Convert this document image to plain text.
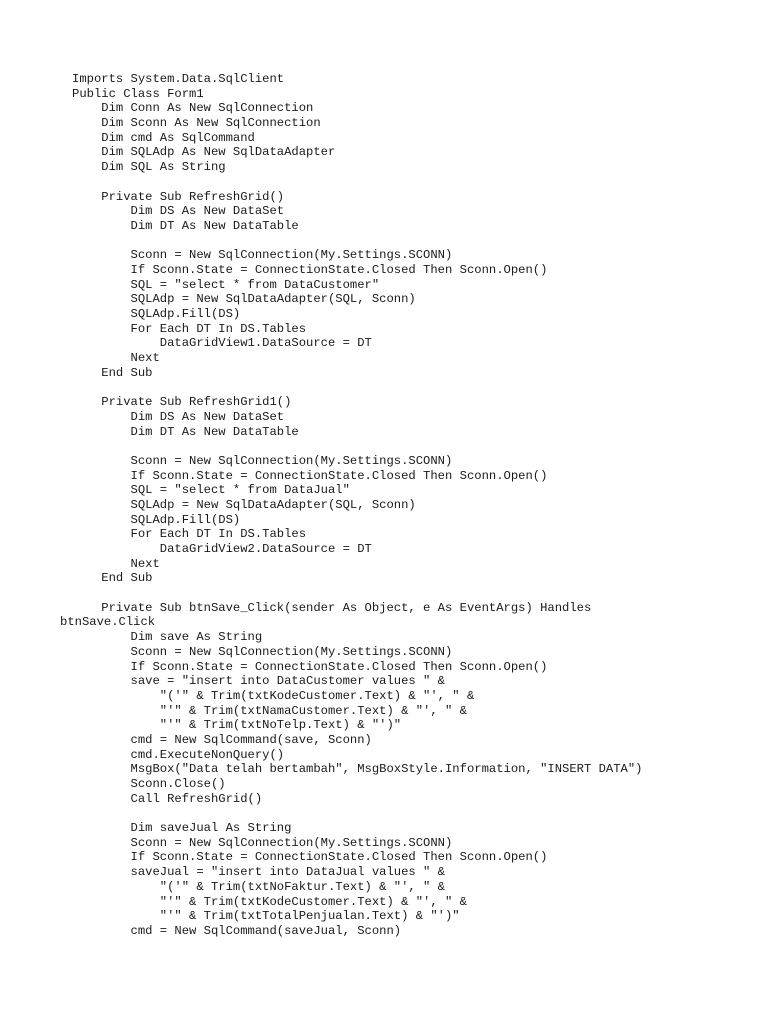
Imports System.Data.SqlClient
Public Class Form1
Dim Conn As New SqlConnection
Dim Sconn As New SqlConnection
Dim cmd As SqlCommand
Dim SQLAdp As New SqlDataAdapter
Dim SQL As String
Private Sub RefreshGrid()
Dim DS As New DataSet
Dim DT As New DataTable
Sconn = New SqlConnection(My.Settings.SCONN)
If Sconn.State = ConnectionState.Closed Then Sconn.Open()
SQL = "select * from DataCustomer"
SQLAdp = New SqlDataAdapter(SQL, Sconn)
SQLAdp.Fill(DS)
For Each DT In DS.Tables
DataGridView1.DataSource = DT
Next
End Sub
Private Sub RefreshGrid1()
Dim DS As New DataSet
Dim DT As New DataTable
Sconn = New SqlConnection(My.Settings.SCONN)
If Sconn.State = ConnectionState.Closed Then Sconn.Open()
SQL = "select * from DataJual"
SQLAdp = New SqlDataAdapter(SQL, Sconn)
SQLAdp.Fill(DS)
For Each DT In DS.Tables
DataGridView2.DataSource = DT
Next
End Sub
Private Sub btnSave_Click(sender As Object, e As EventArgs) Handles
btnSave.Click
Dim save As String
Sconn = New SqlConnection(My.Settings.SCONN)
If Sconn.State = ConnectionState.Closed Then Sconn.Open()
save = "insert into DataCustomer values " &
"('" & Trim(txtKodeCustomer.Text) & "', " &
"'" & Trim(txtNamaCustomer.Text) & "', " &
"'" & Trim(txtNoTelp.Text) & "')"
cmd = New SqlCommand(save, Sconn)
cmd.ExecuteNonQuery()
MsgBox("Data telah bertambah", MsgBoxStyle.Information, "INSERT DATA")
Sconn.Close()
Call RefreshGrid()
Dim saveJual As String
Sconn = New SqlConnection(My.Settings.SCONN)
If Sconn.State = ConnectionState.Closed Then Sconn.Open()
saveJual = "insert into DataJual values " &
"('" & Trim(txtNoFaktur.Text) & "', " &
"'" & Trim(txtKodeCustomer.Text) & "', " &
"'" & Trim(txtTotalPenjualan.Text) & "')"
cmd = New SqlCommand(saveJual, Sconn)
